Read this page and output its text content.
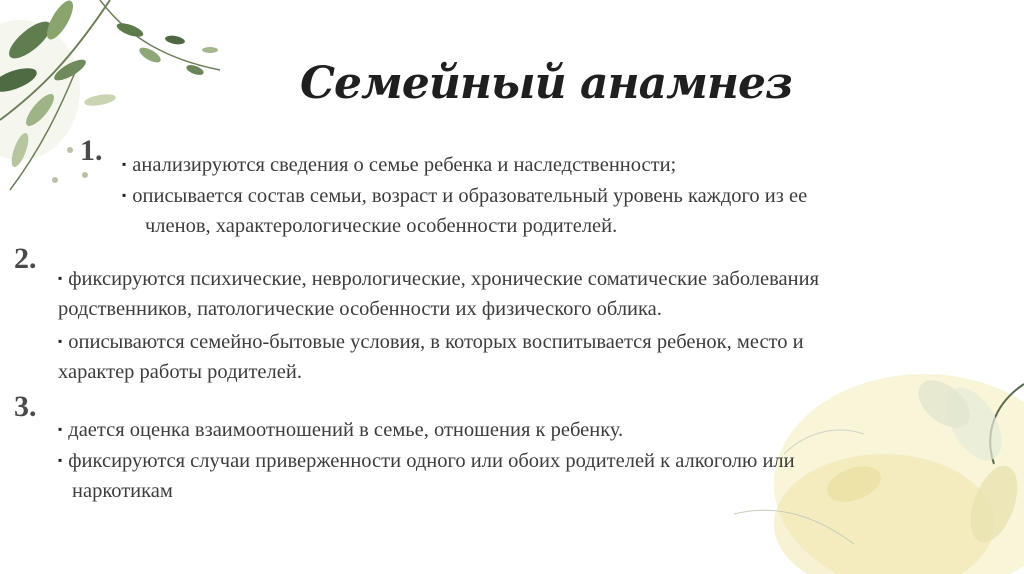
Семейный анамнез
1. ▪ анализируются сведения о семье ребенка и наследственности;
▪ описывается состав семьи, возраст и образовательный уровень каждого из ее
членов, характерологические особенности родителей.
2.
▪ фиксируются психические, неврологические, хронические соматические заболевания
родственников, патологические особенности их физического облика.
▪ описываются семейно-бытовые условия, в которых воспитывается ребенок, место и
характер работы родителей.
3.
▪ дается оценка взаимоотношений в семье, отношения к ребенку.
▪ фиксируются случаи приверженности одного или обоих родителей к алкоголю или
наркотикам
